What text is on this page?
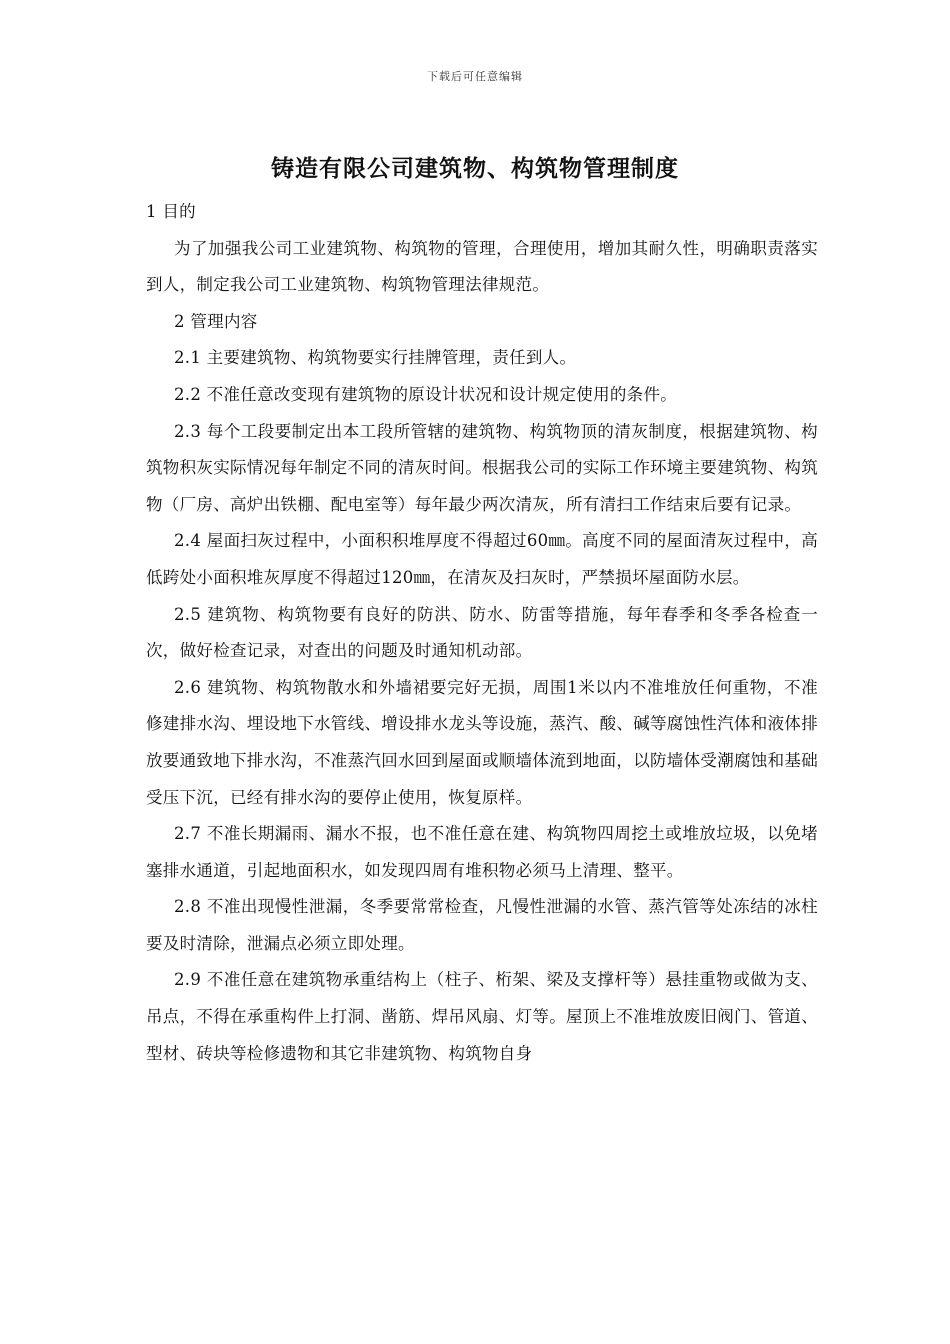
下载后可任意编辑
铸造有限公司建筑物、构筑物管理制度

1 目的

为了加强我公司工业建筑物、构筑物的管理，合理使用，增加其耐久性，明确职责落实到人，制定我公司工业建筑物、构筑物管理法律规范。

2 管理内容

2.1 主要建筑物、构筑物要实行挂牌管理，责任到人。

2.2 不准任意改变现有建筑物的原设计状况和设计规定使用的条件。

2.3 每个工段要制定出本工段所管辖的建筑物、构筑物顶的清灰制度，根据建筑物、构筑物积灰实际情况每年制定不同的清灰时间。根据我公司的实际工作环境主要建筑物、构筑物（厂房、高炉出铁棚、配电室等）每年最少两次清灰，所有清扫工作结束后要有记录。

2.4 屋面扫灰过程中，小面积积堆厚度不得超过60㎜。高度不同的屋面清灰过程中，高低跨处小面积堆灰厚度不得超过120㎜，在清灰及扫灰时，严禁损坏屋面防水层。

2.5 建筑物、构筑物要有良好的防洪、防水、防雷等措施，每年春季和冬季各检查一次，做好检查记录，对查出的问题及时通知机动部。

2.6 建筑物、构筑物散水和外墙裙要完好无损，周围1米以内不准堆放任何重物，不准修建排水沟、埋设地下水管线、增设排水龙头等设施，蒸汽、酸、碱等腐蚀性汽体和液体排放要通致地下排水沟，不准蒸汽回水回到屋面或顺墙体流到地面，以防墙体受潮腐蚀和基础受压下沉，已经有排水沟的要停止使用，恢复原样。

2.7 不准长期漏雨、漏水不报，也不准任意在建、构筑物四周挖土或堆放垃圾，以免堵塞排水通道，引起地面积水，如发现四周有堆积物必须马上清理、整平。

2.8 不准出现慢性泄漏，冬季要常常检查，凡慢性泄漏的水管、蒸汽管等处冻结的冰柱要及时清除，泄漏点必须立即处理。

2.9 不准任意在建筑物承重结构上（柱子、桁架、梁及支撑杆等）悬挂重物或做为支、吊点，不得在承重构件上打洞、凿筋、焊吊风扇、灯等。屋顶上不准堆放废旧阀门、管道、型材、砖块等检修遗物和其它非建筑物、构筑物自身
